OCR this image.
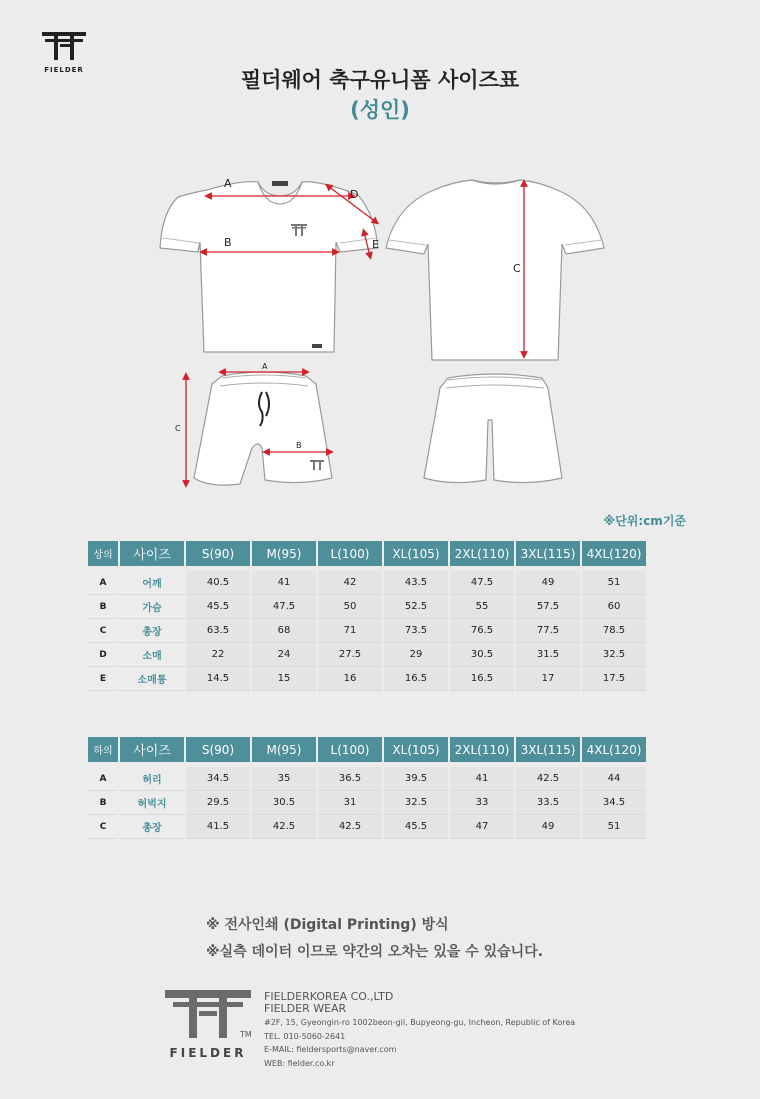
FIELDER	필더웨어 축구유니폼 사이즈표
(성인)
A
B
D
E
C
A
B
C
※단위:cm기준
상의	사이즈	S(90)	M(95)	L(100)	XL(105)	2XL(110)	3XL(115)	4XL(120)
A	어깨	40.5	41	42	43.5	47.5	49	51
B	가슴	45.5	47.5	50	52.5	55	57.5	60
C	총장	63.5	68	71	73.5	76.5	77.5	78.5
D	소매	22	24	27.5	29	30.5	31.5	32.5
E	소매통	14.5	15	16	16.5	16.5	17	17.5
하의	사이즈	S(90)	M(95)	L(100)	XL(105)	2XL(110)	3XL(115)	4XL(120)
A	허리	34.5	35	36.5	39.5	41	42.5	44
B	허벅지	29.5	30.5	31	32.5	33	33.5	34.5
C	총장	41.5	42.5	42.5	45.5	47	49	51
※ 전사인쇄 (Digital Printing) 방식
※실측 데이터 이므로 약간의 오차는 있을 수 있습니다.
TM
FIELDER
FIELDERKOREA CO.,LTD
FIELDER WEAR
#2F, 15, Gyeongin-ro 1002beon-gil, Bupyeong-gu, Incheon, Republic of Korea
TEL. 010-5060-2641
E-MAIL: fieldersports@naver.com
WEB: fielder.co.kr
